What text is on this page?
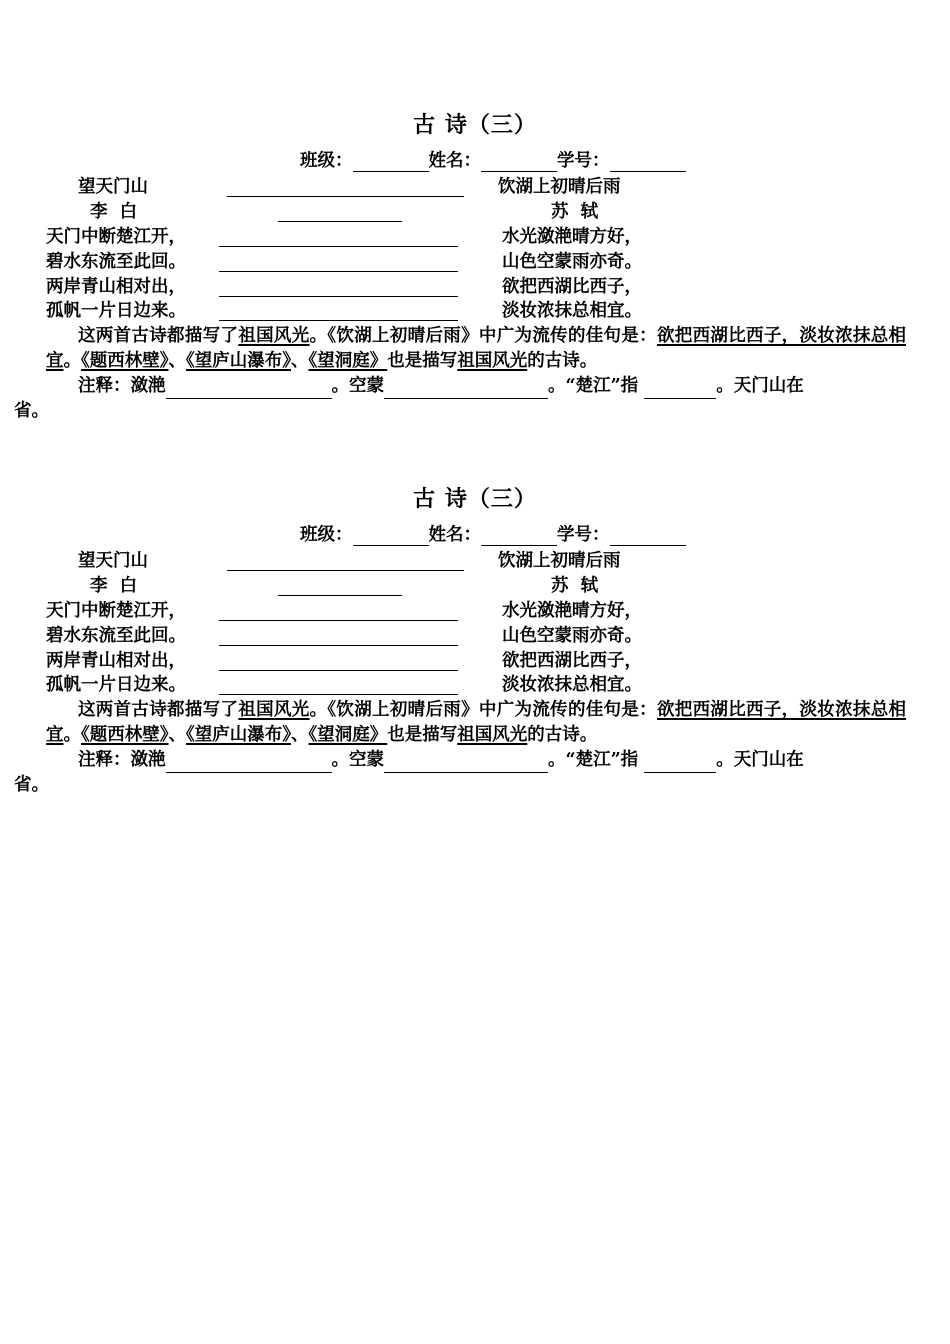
古 诗（三）
班级：	姓名：	学号：
望天门山	饮湖上初晴后雨
李  白	苏  轼
天门中断楚江开，	水光潋滟晴方好，
碧水东流至此回。	山色空蒙雨亦奇。
两岸青山相对出，	欲把西湖比西子，
孤帆一片日边来。	淡妆浓抹总相宜。
这两首古诗都描写了祖国风光。《饮湖上初晴后雨》中广为流传的佳句是：欲把西湖比西子，淡妆浓抹总相宜。《题西林壁》、《望庐山瀑布》、《望洞庭》也是描写祖国风光的古诗。
注释：潋滟	。空蒙	。“楚江”指	。天门山在
省。
古 诗（三）
班级：	姓名：	学号：
望天门山	饮湖上初晴后雨
李  白	苏  轼
天门中断楚江开，	水光潋滟晴方好，
碧水东流至此回。	山色空蒙雨亦奇。
两岸青山相对出，	欲把西湖比西子，
孤帆一片日边来。	淡妆浓抹总相宜。
这两首古诗都描写了祖国风光。《饮湖上初晴后雨》中广为流传的佳句是：欲把西湖比西子，淡妆浓抹总相宜。《题西林壁》、《望庐山瀑布》、《望洞庭》也是描写祖国风光的古诗。
注释：潋滟	。空蒙	。“楚江”指	。天门山在
省。
